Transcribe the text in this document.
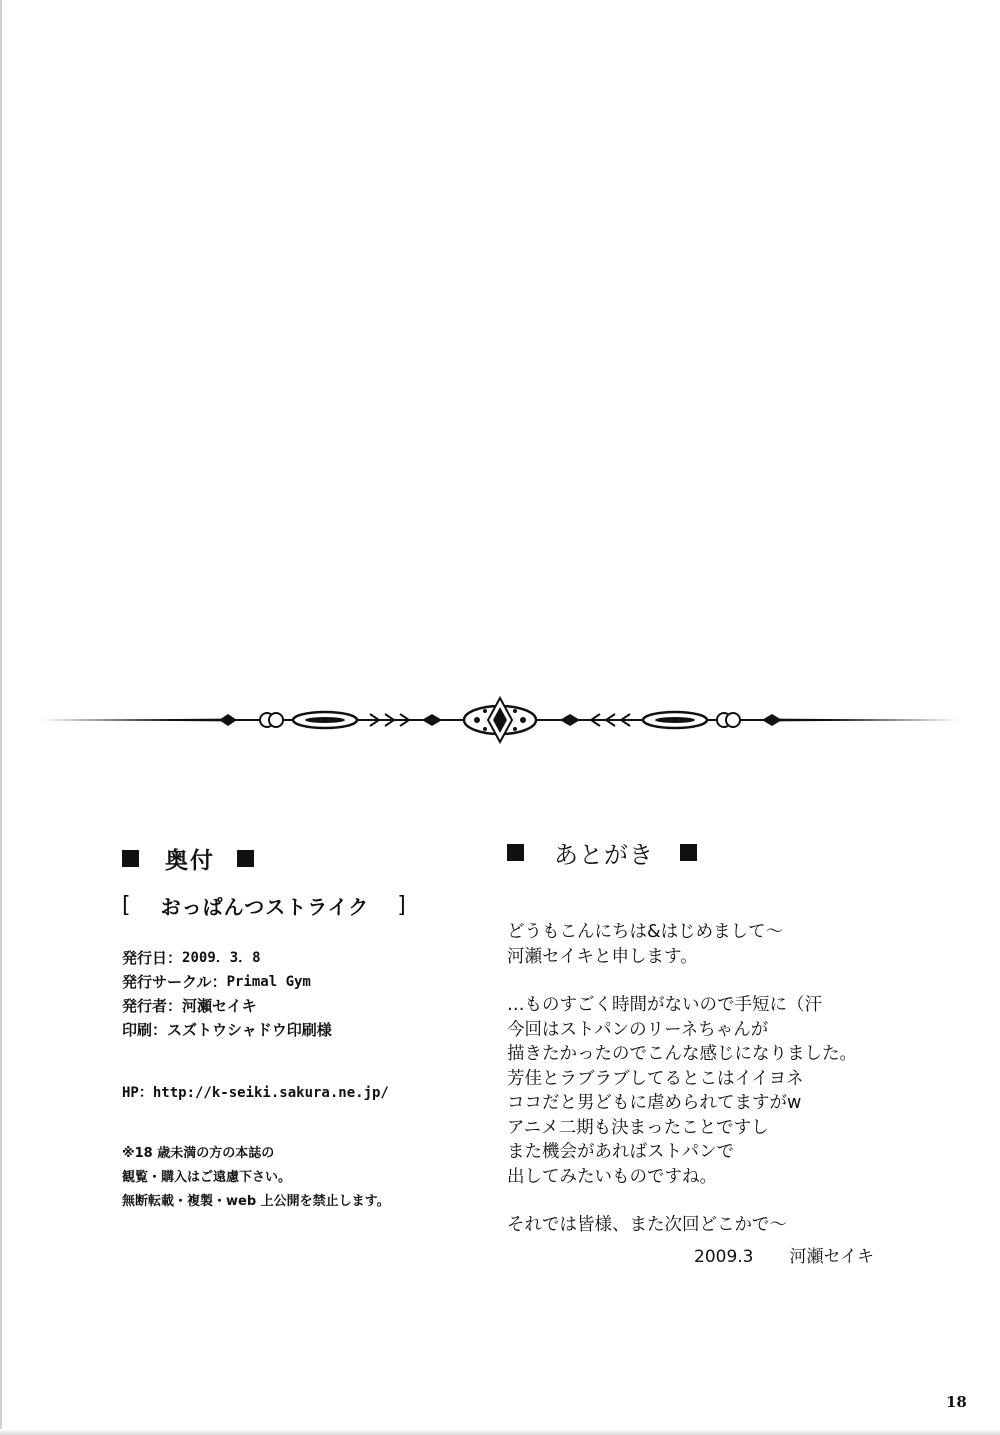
奥付
[ おっぱんつストライク ]
発行日 ： 2009．3．8
発行サークル ： Primal Gym
発行者 ： 河瀬セイキ
印刷 ： スズトウシャドウ印刷様
HP：http://k-seiki.sakura.ne.jp/
※18 歳未満の方の本誌の
観覧・購入はご遠慮下さい。
無断転載・複製・web 上公開を禁止します。
あとがき
どうもこんにちは&はじめまして～
河瀬セイキと申します。
…ものすごく時間がないので手短に（汗
今回はストパンのリーネちゃんが
描きたかったのでこんな感じになりました。
芳佳とラブラブしてるとこはイイヨネ
ココだと男どもに虐められてますがw
アニメ二期も決まったことですし
また機会があればストパンで
出してみたいものですね。
それでは皆様、また次回どこかで～
2009.3 河瀬セイキ
18
